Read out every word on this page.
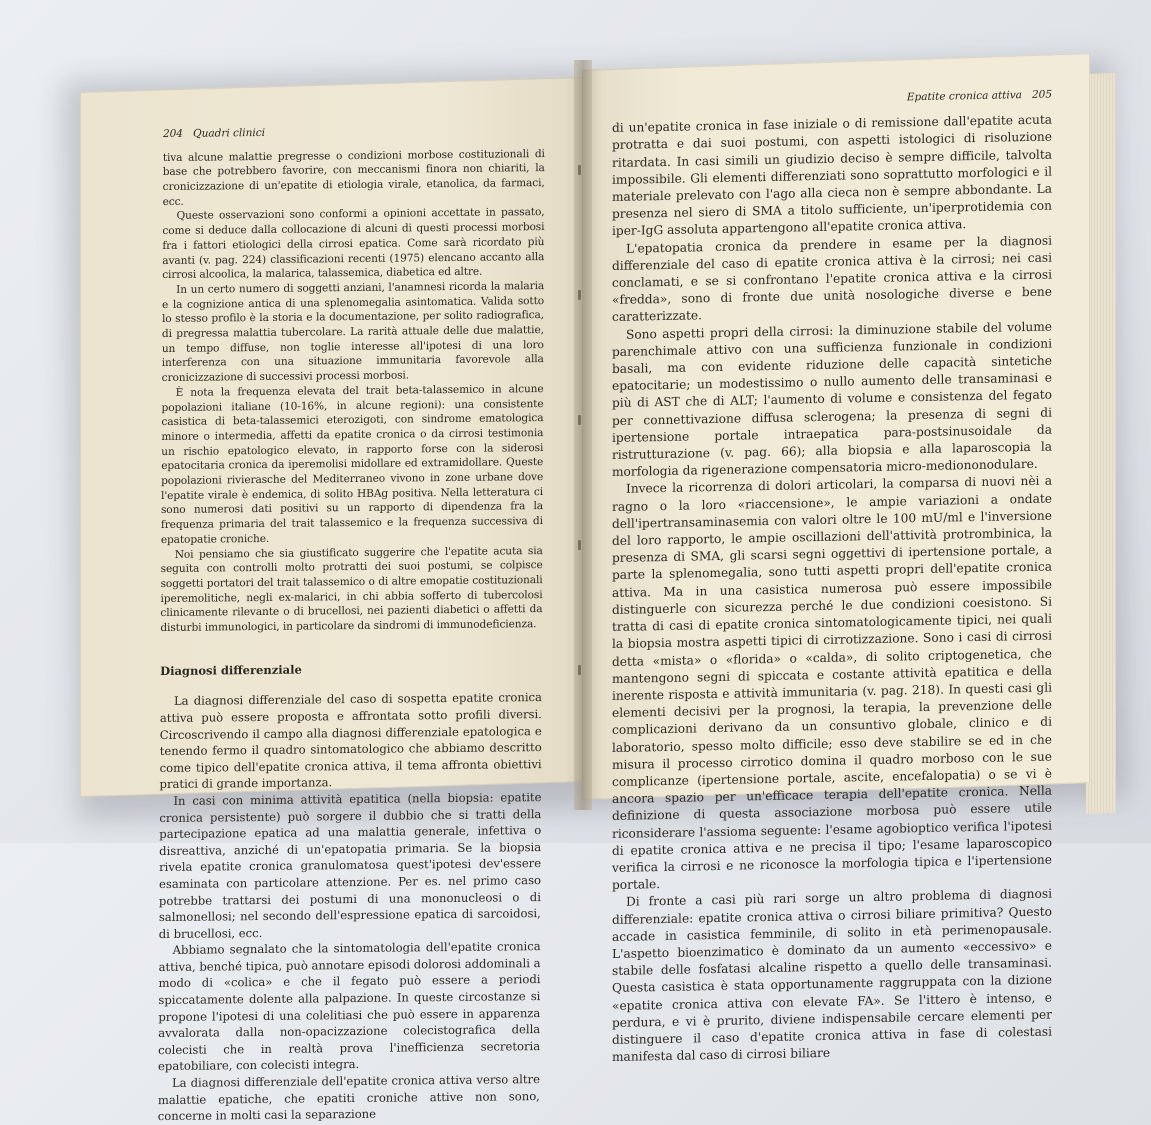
204 Quadri clinici

tiva alcune malattie pregresse o condizioni morbose costituzionali di base che potrebbero favorire, con meccanismi finora non chiariti, la cronicizzazione di un'epatite di etiologia virale, etanolica, da farmaci, ecc.

Queste osservazioni sono conformi a opinioni accettate in passato, come si deduce dalla collocazione di alcuni di questi processi morbosi fra i fattori etiologici della cirrosi epatica. Come sarà ricordato più avanti (v. pag. 224) classificazioni recenti (1975) elencano accanto alla cirrosi alcoolica, la malarica, talassemica, diabetica ed altre.

In un certo numero di soggetti anziani, l'anamnesi ricorda la malaria e la cognizione antica di una splenomegalia asintomatica. Valida sotto lo stesso profilo è la storia e la documentazione, per solito radiografica, di pregressa malattia tubercolare. La rarità attuale delle due malattie, un tempo diffuse, non toglie interesse all'ipotesi di una loro interferenza con una situazione immunitaria favorevole alla cronicizzazione di successivi processi morbosi.

È nota la frequenza elevata del trait beta-talassemico in alcune popolazioni italiane (10-16%, in alcune regioni): una consistente casistica di beta-talassemici eterozigoti, con sindrome ematologica minore o intermedia, affetti da epatite cronica o da cirrosi testimonia un rischio epatologico elevato, in rapporto forse con la siderosi epatocitaria cronica da iperemolisi midollare ed extramidollare. Queste popolazioni rivierasche del Mediterraneo vivono in zone urbane dove l'epatite virale è endemica, di solito HBAg positiva. Nella letteratura ci sono numerosi dati positivi su un rapporto di dipendenza fra la frequenza primaria del trait talassemico e la frequenza successiva di epatopatie croniche.

Noi pensiamo che sia giustificato suggerire che l'epatite acuta sia seguita con controlli molto protratti dei suoi postumi, se colpisce soggetti portatori del trait talassemico o di altre emopatie costituzionali iperemolitiche, negli ex-malarici, in chi abbia sofferto di tubercolosi clinicamente rilevante o di brucellosi, nei pazienti diabetici o affetti da disturbi immunologici, in particolare da sindromi di immunodeficienza.

Diagnosi differenziale

La diagnosi differenziale del caso di sospetta epatite cronica attiva può essere proposta e affrontata sotto profili diversi. Circoscrivendo il campo alla diagnosi differenziale epatologica e tenendo fermo il quadro sintomatologico che abbiamo descritto come tipico dell'epatite cronica attiva, il tema affronta obiettivi pratici di grande importanza.

In casi con minima attività epatitica (nella biopsia: epatite cronica persistente) può sorgere il dubbio che si tratti della partecipazione epatica ad una malattia generale, infettiva o disreattiva, anziché di un'epatopatia primaria. Se la biopsia rivela epatite cronica granulomatosa quest'ipotesi dev'essere esaminata con particolare attenzione. Per es. nel primo caso potrebbe trattarsi dei postumi di una mononucleosi o di salmonellosi; nel secondo dell'espressione epatica di sarcoidosi, di brucellosi, ecc.

Abbiamo segnalato che la sintomatologia dell'epatite cronica attiva, benché tipica, può annotare episodi dolorosi addominali a modo di «colica» e che il fegato può essere a periodi spiccatamente dolente alla palpazione. In queste circostanze si propone l'ipotesi di una colelitiasi che può essere in apparenza avvalorata dalla non-opacizzazione colecistografica della colecisti che in realtà prova l'inefficienza secretoria epatobiliare, con colecisti integra.

La diagnosi differenziale dell'epatite cronica attiva verso altre malattie epatiche, che epatiti croniche attive non sono, concerne in molti casi la separazione

Epatite cronica attiva 205

di un'epatite cronica in fase iniziale o di remissione dall'epatite acuta protratta e dai suoi postumi, con aspetti istologici di risoluzione ritardata. In casi simili un giudizio deciso è sempre difficile, talvolta impossibile. Gli elementi differenziati sono soprattutto morfologici e il materiale prelevato con l'ago alla cieca non è sempre abbondante. La presenza nel siero di SMA a titolo sufficiente, un'iperprotidemia con iper-IgG assoluta appartengono all'epatite cronica attiva.

L'epatopatia cronica da prendere in esame per la diagnosi differenziale del caso di epatite cronica attiva è la cirrosi; nei casi conclamati, e se si confrontano l'epatite cronica attiva e la cirrosi «fredda», sono di fronte due unità nosologiche diverse e bene caratterizzate.

Sono aspetti propri della cirrosi: la diminuzione stabile del volume parenchimale attivo con una sufficienza funzionale in condizioni basali, ma con evidente riduzione delle capacità sintetiche epatocitarie; un modestissimo o nullo aumento delle transaminasi e più di AST che di ALT; l'aumento di volume e consistenza del fegato per connettivazione diffusa sclerogena; la presenza di segni di ipertensione portale intraepatica para-postsinusoidale da ristrutturazione (v. pag. 66); alla biopsia e alla laparoscopia la morfologia da rigenerazione compensatoria micro-mediononodulare.

Invece la ricorrenza di dolori articolari, la comparsa di nuovi nèi a ragno o la loro «riaccensione», le ampie variazioni a ondate dell'ipertransaminasemia con valori oltre le 100 mU/ml e l'inversione del loro rapporto, le ampie oscillazioni dell'attività protrombinica, la presenza di SMA, gli scarsi segni oggettivi di ipertensione portale, a parte la splenomegalia, sono tutti aspetti propri dell'epatite cronica attiva. Ma in una casistica numerosa può essere impossibile distinguerle con sicurezza perché le due condizioni coesistono. Si tratta di casi di epatite cronica sintomatologicamente tipici, nei quali la biopsia mostra aspetti tipici di cirrotizzazione. Sono i casi di cirrosi detta «mista» o «florida» o «calda», di solito criptogenetica, che mantengono segni di spiccata e costante attività epatitica e della inerente risposta e attività immunitaria (v. pag. 218). In questi casi gli elementi decisivi per la prognosi, la terapia, la prevenzione delle complicazioni derivano da un consuntivo globale, clinico e di laboratorio, spesso molto difficile; esso deve stabilire se ed in che misura il processo cirrotico domina il quadro morboso con le sue complicanze (ipertensione portale, ascite, encefalopatia) o se vi è ancora spazio per un'efficace terapia dell'epatite cronica. Nella definizione di questa associazione morbosa può essere utile riconsiderare l'assioma seguente: l'esame agobioptico verifica l'ipotesi di epatite cronica attiva e ne precisa il tipo; l'esame laparoscopico verifica la cirrosi e ne riconosce la morfologia tipica e l'ipertensione portale.

Di fronte a casi più rari sorge un altro problema di diagnosi differenziale: epatite cronica attiva o cirrosi biliare primitiva? Questo accade in casistica femminile, di solito in età perimenopausale. L'aspetto bioenzimatico è dominato da un aumento «eccessivo» e stabile delle fosfatasi alcaline rispetto a quello delle transaminasi. Questa casistica è stata opportunamente raggruppata con la dizione «epatite cronica attiva con elevate FA». Se l'ittero è intenso, e perdura, e vi è prurito, diviene indispensabile cercare elementi per distinguere il caso d'epatite cronica attiva in fase di colestasi manifesta dal caso di cirrosi biliare
